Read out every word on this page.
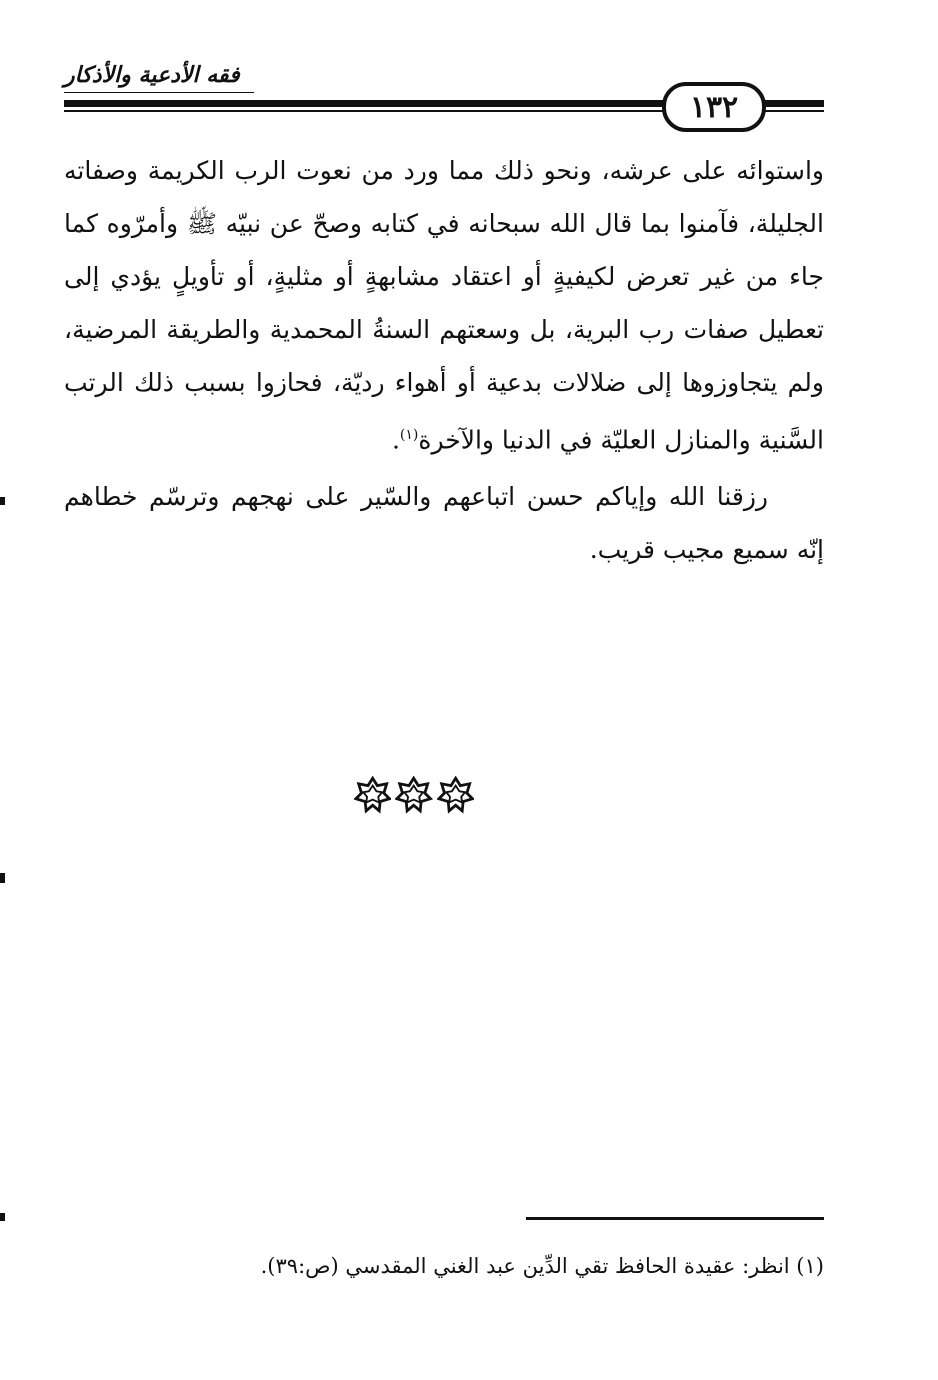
فقه الأدعية والأذكار
١٣٢

واستوائه على عرشه، ونحو ذلك مما ورد من نعوت الرب الكريمة وصفاته الجليلة، فآمنوا بما قال الله سبحانه في كتابه وصحّ عن نبيّه ﷺ وأمرّوه كما جاء من غير تعرض لكيفيةٍ أو اعتقاد مشابهةٍ أو مثليةٍ، أو تأويلٍ يؤدي إلى تعطيل صفات رب البرية، بل وسعتهم السنةُ المحمدية والطريقة المرضية، ولم يتجاوزوها إلى ضلالات بدعية أو أهواء رديّة، فحازوا بسبب ذلك الرتب السَّنية والمنازل العليّة في الدنيا والآخرة$^{(١)}$.

رزقنا الله وإياكم حسن اتباعهم والسّير على نهجهم وترسّم خطاهم إنّه سميع مجيب قريب.

(١) انظر: عقيدة الحافظ تقي الدِّين عبد الغني المقدسي (ص:٣٩).
